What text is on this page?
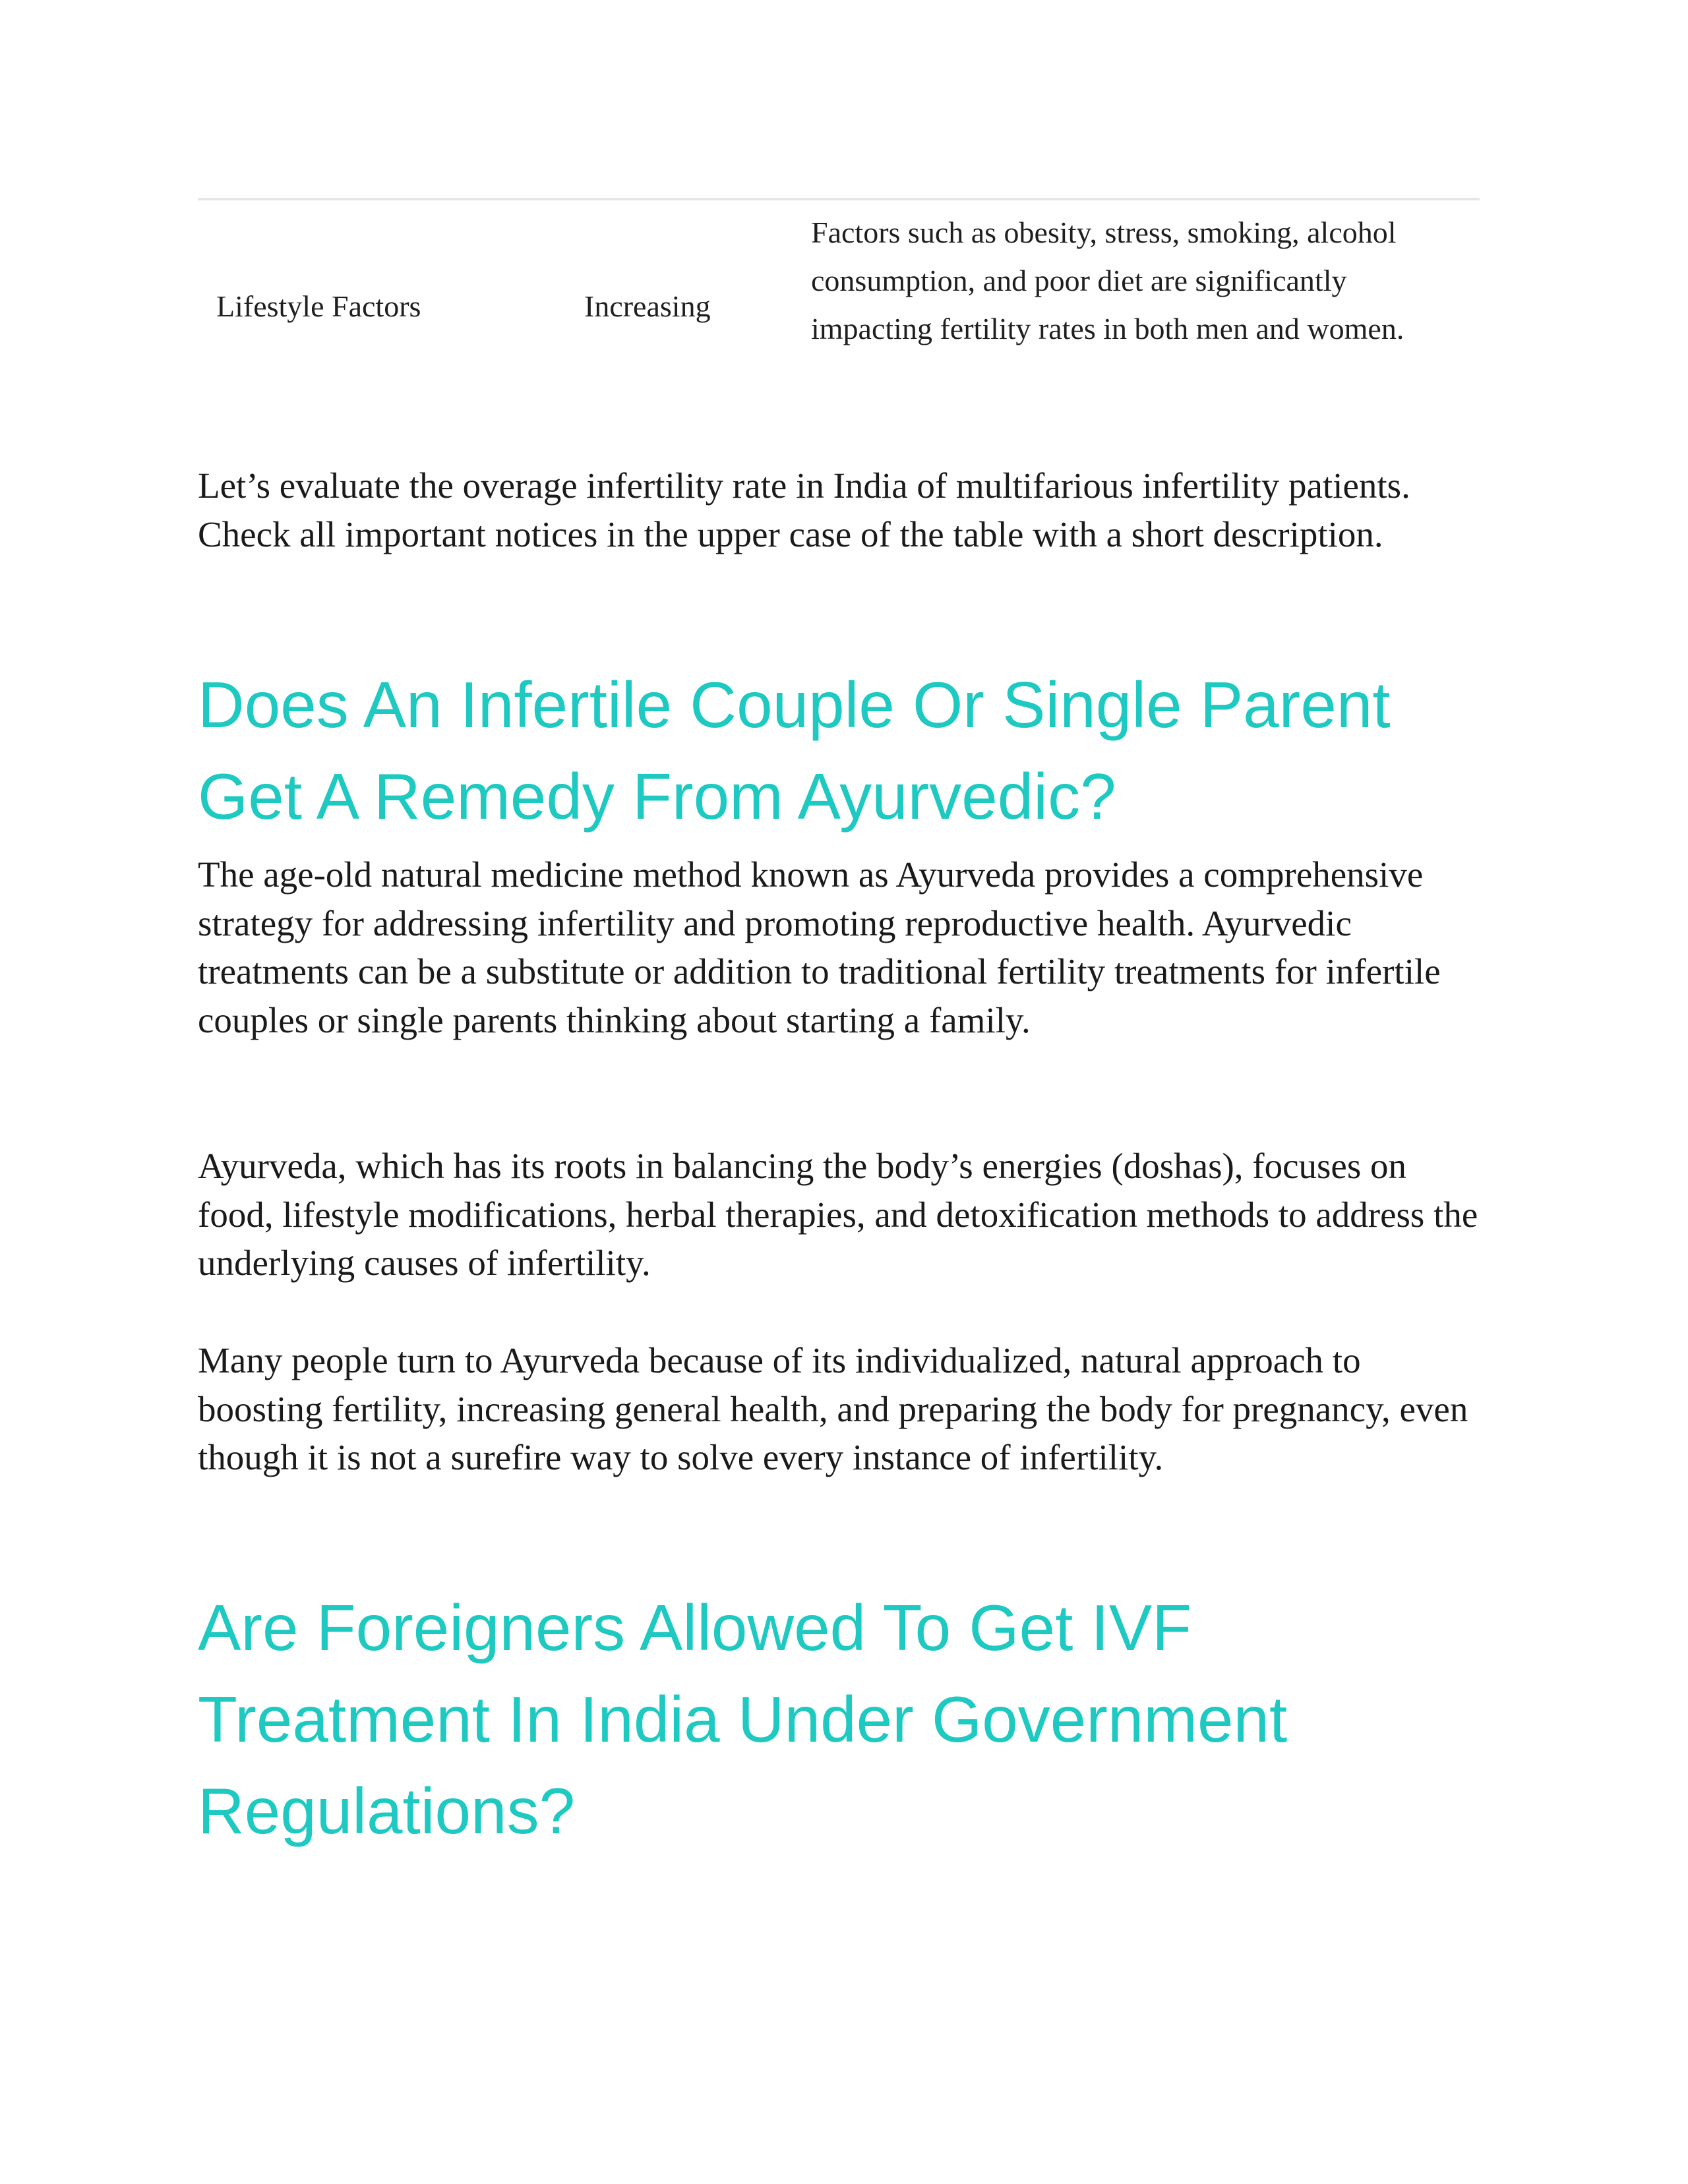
Lifestyle Factors	Increasing
Factors such as obesity, stress, smoking, alcohol consumption, and poor diet are significantly impacting fertility rates in both men and women.

Let’s evaluate the overage infertility rate in India of multifarious infertility patients. Check all important notices in the upper case of the table with a short description.

Does An Infertile Couple Or Single Parent Get A Remedy From Ayurvedic?

The age-old natural medicine method known as Ayurveda provides a comprehensive strategy for addressing infertility and promoting reproductive health. Ayurvedic treatments can be a substitute or addition to traditional fertility treatments for infertile couples or single parents thinking about starting a family.

Ayurveda, which has its roots in balancing the body’s energies (doshas), focuses on food, lifestyle modifications, herbal therapies, and detoxification methods to address the underlying causes of infertility.

Many people turn to Ayurveda because of its individualized, natural approach to boosting fertility, increasing general health, and preparing the body for pregnancy, even though it is not a surefire way to solve every instance of infertility.

Are Foreigners Allowed To Get IVF Treatment In India Under Government Regulations?
